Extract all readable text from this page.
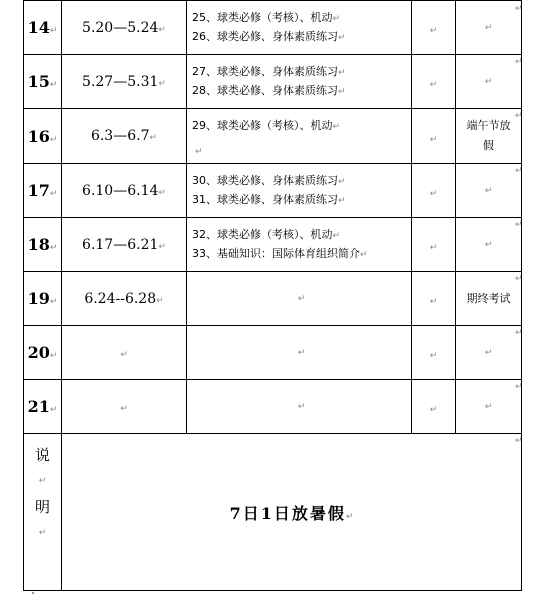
14↵	5.20—5.24↵	25、球类必修（考核）、机动↵
26、球类必修、身体素质练习↵	↵	↵
15↵	5.27—5.31↵	27、球类必修、身体素质练习↵
28、球类必修、身体素质练习↵	↵	↵
16↵	6.3—6.7↵	29、球类必修（考核）、机动↵
↵	↵	端午节放假
17↵	6.10—6.14↵	30、球类必修、身体素质练习↵
31、球类必修、身体素质练习↵	↵	↵
18↵	6.17—6.21↵	32、球类必修（考核）、机动↵
33、基础知识：国际体育组织简介↵	↵	↵
19↵	6.24--6.28↵	↵	↵	期终考试
20↵	↵	↵	↵	↵
21↵	↵	↵	↵	↵

说
↵
明
↵	7日1日放暑假↵			
↵
↵
↵
↵
↵
↵
↵
↵
↵
